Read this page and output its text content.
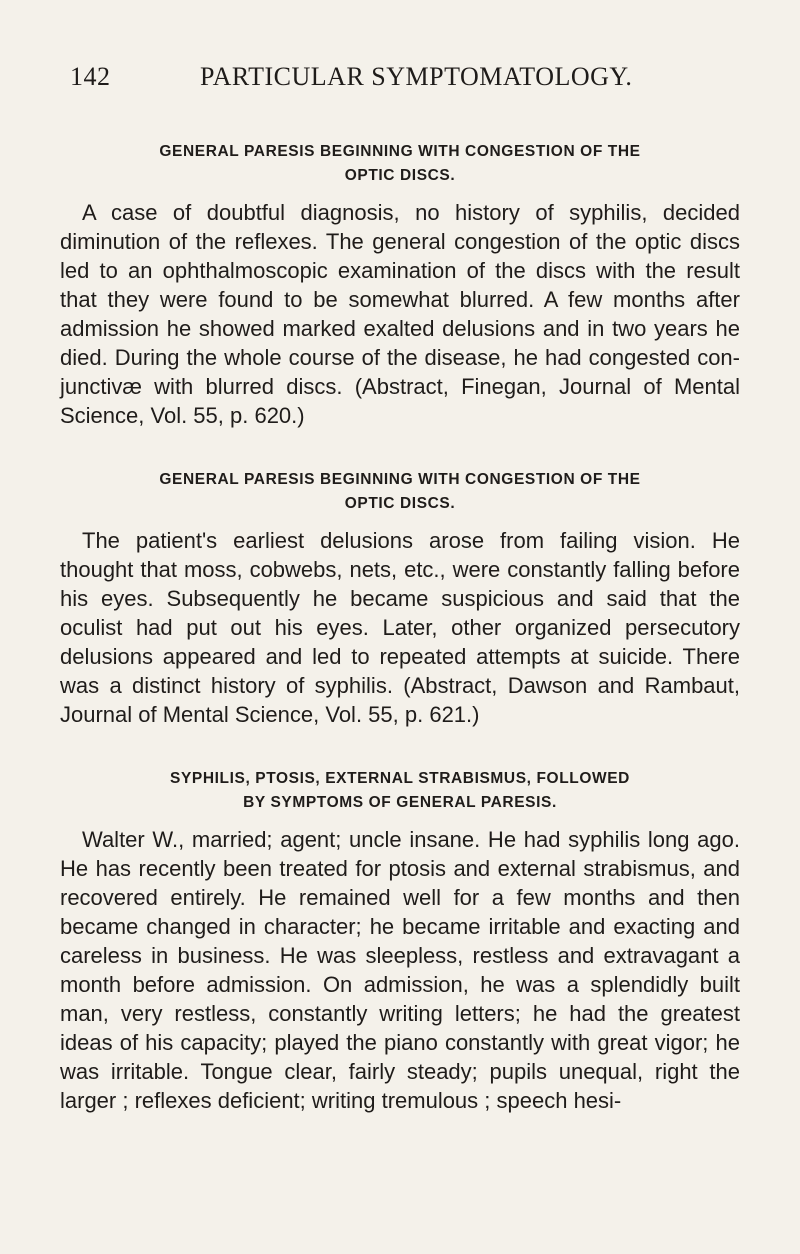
142	PARTICULAR SYMPTOMATOLOGY.
GENERAL PARESIS BEGINNING WITH CONGESTION OF THE
OPTIC DISCS.

A case of doubtful diagnosis, no history of syphilis, decided diminution of the reflexes. The general congestion of the optic discs led to an ophthalmoscopic examination of the discs with the result that they were found to be somewhat blurred. A few months after admission he showed marked exalted delusions and in two years he died. During the whole course of the disease, he had congested conjunctivæ with blurred discs. (Abstract, Finegan, Journal of Mental Science, Vol. 55, p. 620.)

GENERAL PARESIS BEGINNING WITH CONGESTION OF THE
OPTIC DISCS.

The patient's earliest delusions arose from failing vision. He thought that moss, cobwebs, nets, etc., were constantly falling before his eyes. Subsequently he became suspicious and said that the oculist had put out his eyes. Later, other organized persecutory delusions appeared and led to repeated attempts at suicide. There was a distinct history of syphilis. (Abstract, Dawson and Rambaut, Journal of Mental Science, Vol. 55, p. 621.)

SYPHILIS, PTOSIS, EXTERNAL STRABISMUS, FOLLOWED
BY SYMPTOMS OF GENERAL PARESIS.

Walter W., married; agent; uncle insane. He had syphilis long ago. He has recently been treated for ptosis and external strabismus, and recovered entirely. He remained well for a few months and then became changed in character; he became irritable and exacting and careless in business. He was sleepless, restless and extravagant a month before admission. On admission, he was a splendidly built man, very restless, constantly writing letters; he had the greatest ideas of his capacity; played the piano constantly with great vigor; he was irritable. Tongue clear, fairly steady; pupils unequal, right the larger ; reflexes deficient; writing tremulous ; speech hesi-
